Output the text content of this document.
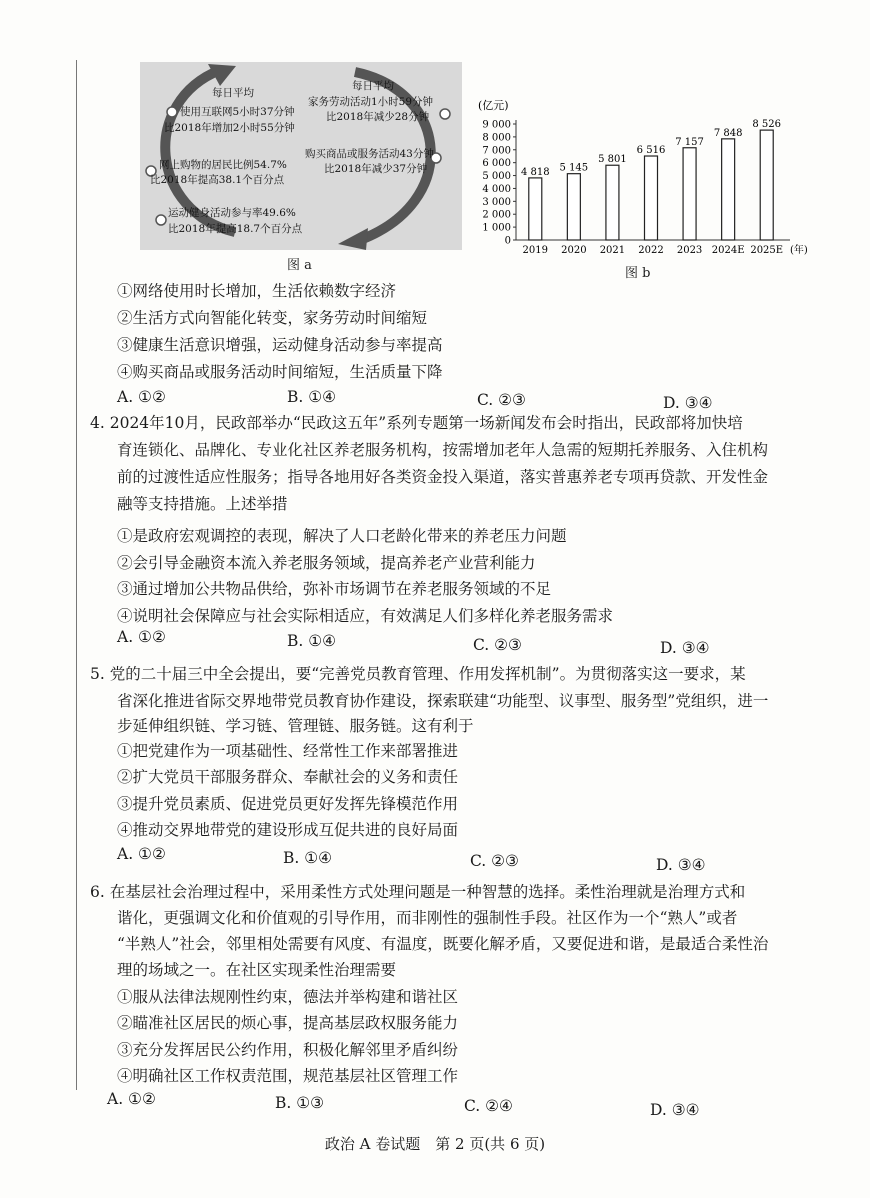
每日平均
使用互联网5小时37分钟
比2018年增加2小时55分钟
网上购物的居民比例54.7%
比2018年提高38.1个百分点
运动健身活动参与率49.6%
比2018年提高18.7个百分点
每日平均
家务劳动活动1小时59分钟
比2018年减少28分钟
购买商品或服务活动43分钟
比2018年减少37分钟
图 a
(亿元)
0
1 000
2 000
3 000
4 000
5 000
6 000
7 000
8 000
9 000
4 818
2019
5 145
2020
5 801
2021
6 516
2022
7 157
2023
7 848
2024E
8 526
2025E (年)
图 b
①网络使用时长增加，生活依赖数字经济
②生活方式向智能化转变，家务劳动时间缩短
③健康生活意识增强，运动健身活动参与率提高
④购买商品或服务活动时间缩短，生活质量下降
A. ①②	B. ①④	C. ②③	D. ③④
4. 2024年10月，民政部举办“民政这五年”系列专题第一场新闻发布会时指出，民政部将加快培
育连锁化、品牌化、专业化社区养老服务机构，按需增加老年人急需的短期托养服务、入住机构
前的过渡性适应性服务；指导各地用好各类资金投入渠道，落实普惠养老专项再贷款、开发性金
融等支持措施。上述举措
①是政府宏观调控的表现，解决了人口老龄化带来的养老压力问题
②会引导金融资本流入养老服务领域，提高养老产业营利能力
③通过增加公共物品供给，弥补市场调节在养老服务领域的不足
④说明社会保障应与社会实际相适应，有效满足人们多样化养老服务需求
A. ①②	B. ①④	C. ②③	D. ③④
5. 党的二十届三中全会提出，要“完善党员教育管理、作用发挥机制”。为贯彻落实这一要求，某
省深化推进省际交界地带党员教育协作建设，探索联建“功能型、议事型、服务型”党组织，进一
步延伸组织链、学习链、管理链、服务链。这有利于
①把党建作为一项基础性、经常性工作来部署推进
②扩大党员干部服务群众、奉献社会的义务和责任
③提升党员素质、促进党员更好发挥先锋模范作用
④推动交界地带党的建设形成互促共进的良好局面
A. ①②	B. ①④	C. ②③	D. ③④
6. 在基层社会治理过程中，采用柔性方式处理问题是一种智慧的选择。柔性治理就是治理方式和
谐化，更强调文化和价值观的引导作用，而非刚性的强制性手段。社区作为一个“熟人”或者
“半熟人”社会，邻里相处需要有风度、有温度，既要化解矛盾，又要促进和谐，是最适合柔性治
理的场域之一。在社区实现柔性治理需要
①服从法律法规刚性约束，德法并举构建和谐社区
②瞄准社区居民的烦心事，提高基层政权服务能力
③充分发挥居民公约作用，积极化解邻里矛盾纠纷
④明确社区工作权责范围，规范基层社区管理工作
A. ①②	B. ①③	C. ②④	D. ③④
政治 A 卷试题　第 2 页(共 6 页)
